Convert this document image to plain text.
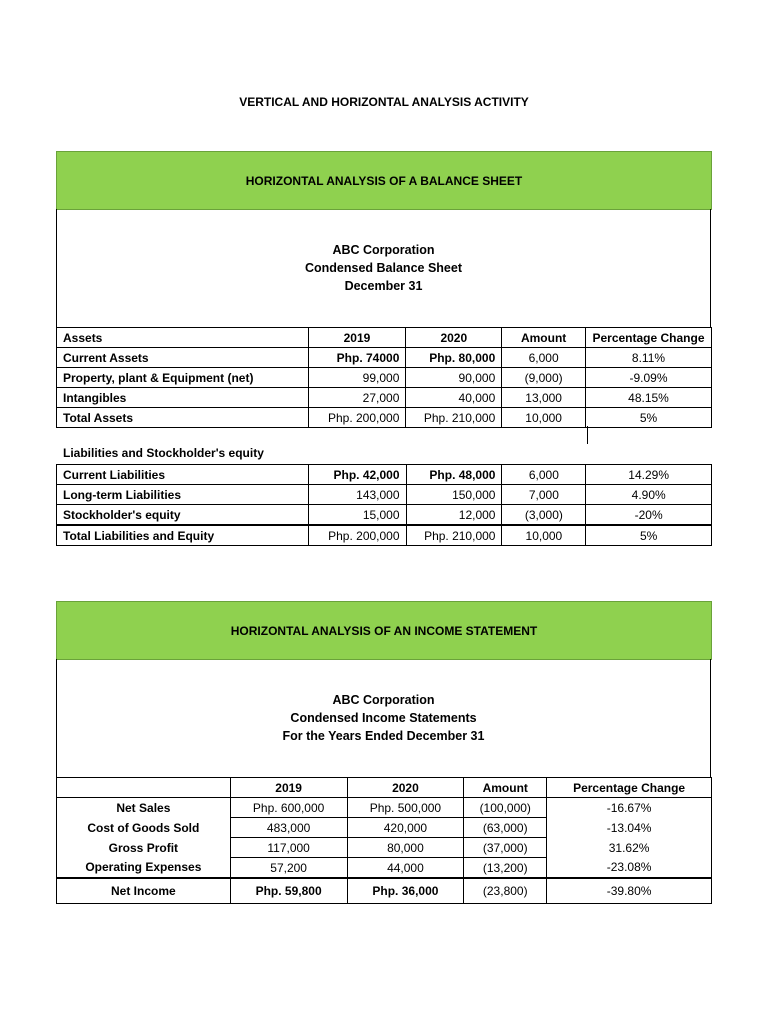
VERTICAL AND HORIZONTAL ANALYSIS ACTIVITY
HORIZONTAL ANALYSIS OF A BALANCE SHEET
ABC Corporation
Condensed Balance Sheet
December 31
Assets	2019	2020	Amount	Percentage Change
Current Assets	Php. 74000	Php. 80,000	6,000	8.11%
Property, plant & Equipment (net)	99,000	90,000	(9,000)	-9.09%
Intangibles	27,000	40,000	13,000	48.15%
Total Assets	Php. 200,000	Php. 210,000	10,000	5%
Liabilities and Stockholder's equity
Current Liabilities	Php. 42,000	Php. 48,000	6,000	14.29%
Long-term Liabilities	143,000	150,000	7,000	4.90%
Stockholder's equity	15,000	12,000	(3,000)	-20%
Total Liabilities and Equity	Php. 200,000	Php. 210,000	10,000	5%
HORIZONTAL ANALYSIS OF AN INCOME STATEMENT
ABC Corporation
Condensed Income Statements
For the Years Ended December 31
	2019	2020	Amount	Percentage Change
Net Sales	Php. 600,000	Php. 500,000	(100,000)	-16.67%
Cost of Goods Sold	483,000	420,000	(63,000)	-13.04%
Gross Profit	117,000	80,000	(37,000)	31.62%
Operating Expenses	57,200	44,000	(13,200)	-23.08%
Net Income	Php. 59,800	Php. 36,000	(23,800)	-39.80%
